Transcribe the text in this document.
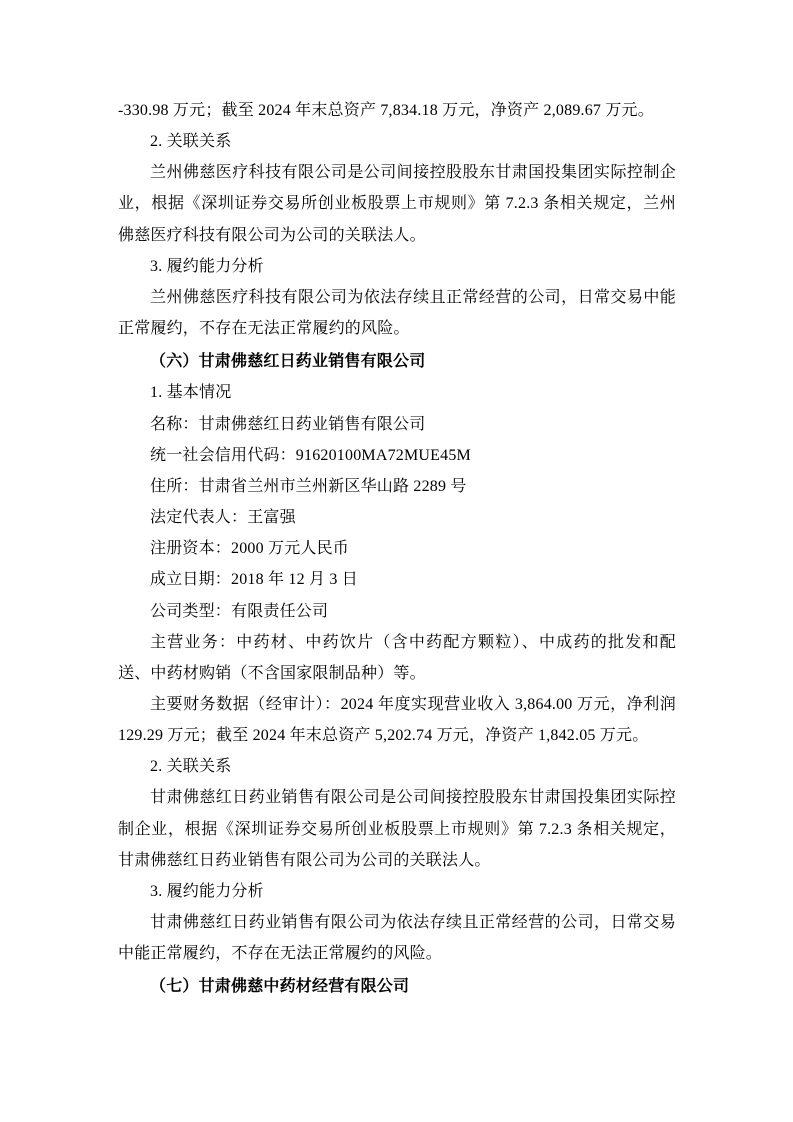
-330.98 万元；截至 2024 年末总资产 7,834.18 万元，净资产 2,089.67 万元。

2. 关联关系

兰州佛慈医疗科技有限公司是公司间接控股股东甘肃国投集团实际控制企业，根据《深圳证券交易所创业板股票上市规则》第 7.2.3 条相关规定，兰州佛慈医疗科技有限公司为公司的关联法人。

3. 履约能力分析

兰州佛慈医疗科技有限公司为依法存续且正常经营的公司，日常交易中能正常履约，不存在无法正常履约的风险。

（六）甘肃佛慈红日药业销售有限公司

1. 基本情况

名称：甘肃佛慈红日药业销售有限公司

统一社会信用代码：91620100MA72MUE45M

住所：甘肃省兰州市兰州新区华山路 2289 号

法定代表人：王富强

注册资本：2000 万元人民币

成立日期：2018 年 12 月 3 日

公司类型：有限责任公司

主营业务：中药材、中药饮片（含中药配方颗粒）、中成药的批发和配送、中药材购销（不含国家限制品种）等。

主要财务数据（经审计）：2024 年度实现营业收入 3,864.00 万元，净利润 129.29 万元；截至 2024 年末总资产 5,202.74 万元，净资产 1,842.05 万元。

2. 关联关系

甘肃佛慈红日药业销售有限公司是公司间接控股股东甘肃国投集团实际控制企业，根据《深圳证券交易所创业板股票上市规则》第 7.2.3 条相关规定，甘肃佛慈红日药业销售有限公司为公司的关联法人。

3. 履约能力分析

甘肃佛慈红日药业销售有限公司为依法存续且正常经营的公司，日常交易中能正常履约，不存在无法正常履约的风险。

（七）甘肃佛慈中药材经营有限公司
